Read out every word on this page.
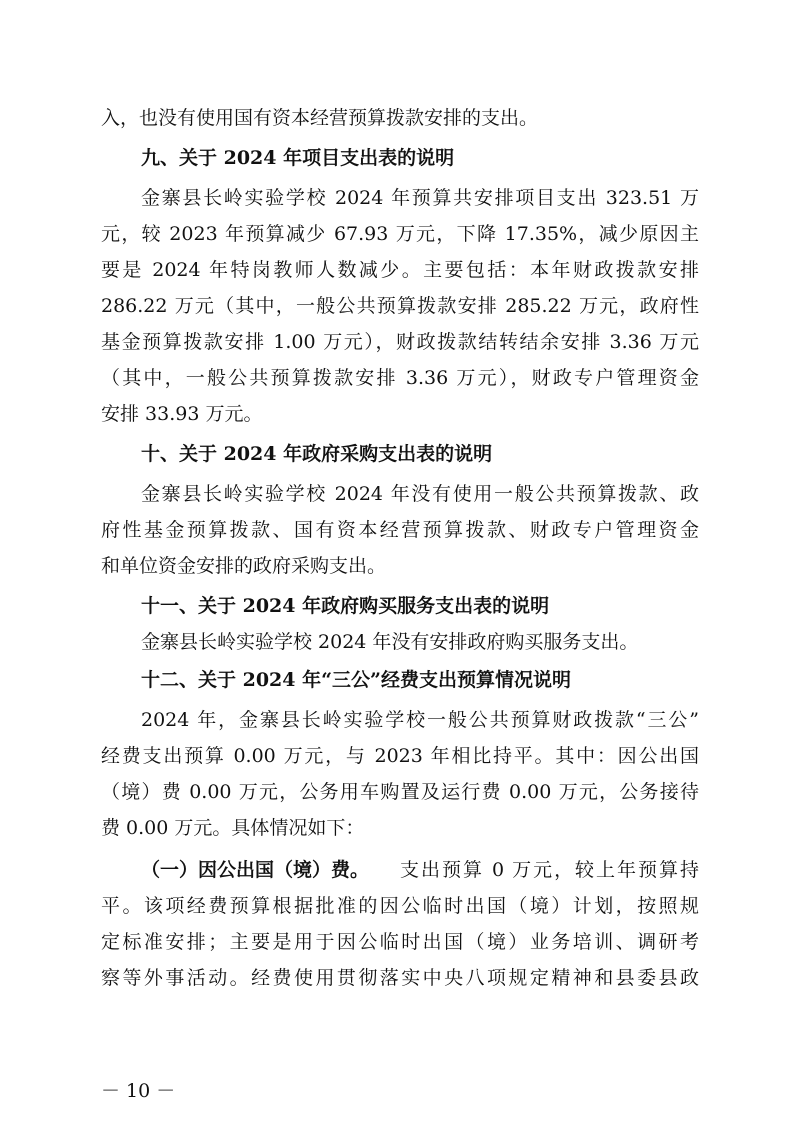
入，也没有使用国有资本经营预算拨款安排的支出。
九、关于 2024 年项目支出表的说明
金寨县长岭实验学校 2024 年预算共安排项目支出 323.51 万
元，较 2023 年预算减少 67.93 万元，下降 17.35%，减少原因主
要是 2024 年特岗教师人数减少。主要包括：本年财政拨款安排
286.22 万元（其中，一般公共预算拨款安排 285.22 万元，政府性
基金预算拨款安排 1.00 万元），财政拨款结转结余安排 3.36 万元
（其中，一般公共预算拨款安排 3.36 万元），财政专户管理资金
安排 33.93 万元。
十、关于 2024 年政府采购支出表的说明
金寨县长岭实验学校 2024 年没有使用一般公共预算拨款、政
府性基金预算拨款、国有资本经营预算拨款、财政专户管理资金
和单位资金安排的政府采购支出。
十一、关于 2024 年政府购买服务支出表的说明
金寨县长岭实验学校 2024 年没有安排政府购买服务支出。
十二、关于 2024 年“三公”经费支出预算情况说明
2024 年，金寨县长岭实验学校一般公共预算财政拨款“三公”
经费支出预算 0.00 万元，与 2023 年相比持平。其中：因公出国
（境）费 0.00 万元，公务用车购置及运行费 0.00 万元，公务接待
费 0.00 万元。具体情况如下：
（一）因公出国（境）费。 支出预算 0 万元，较上年预算持
平。该项经费预算根据批准的因公临时出国（境）计划，按照规
定标准安排；主要是用于因公临时出国（境）业务培训、调研考
察等外事活动。经费使用贯彻落实中央八项规定精神和县委县政
－ 10 －
